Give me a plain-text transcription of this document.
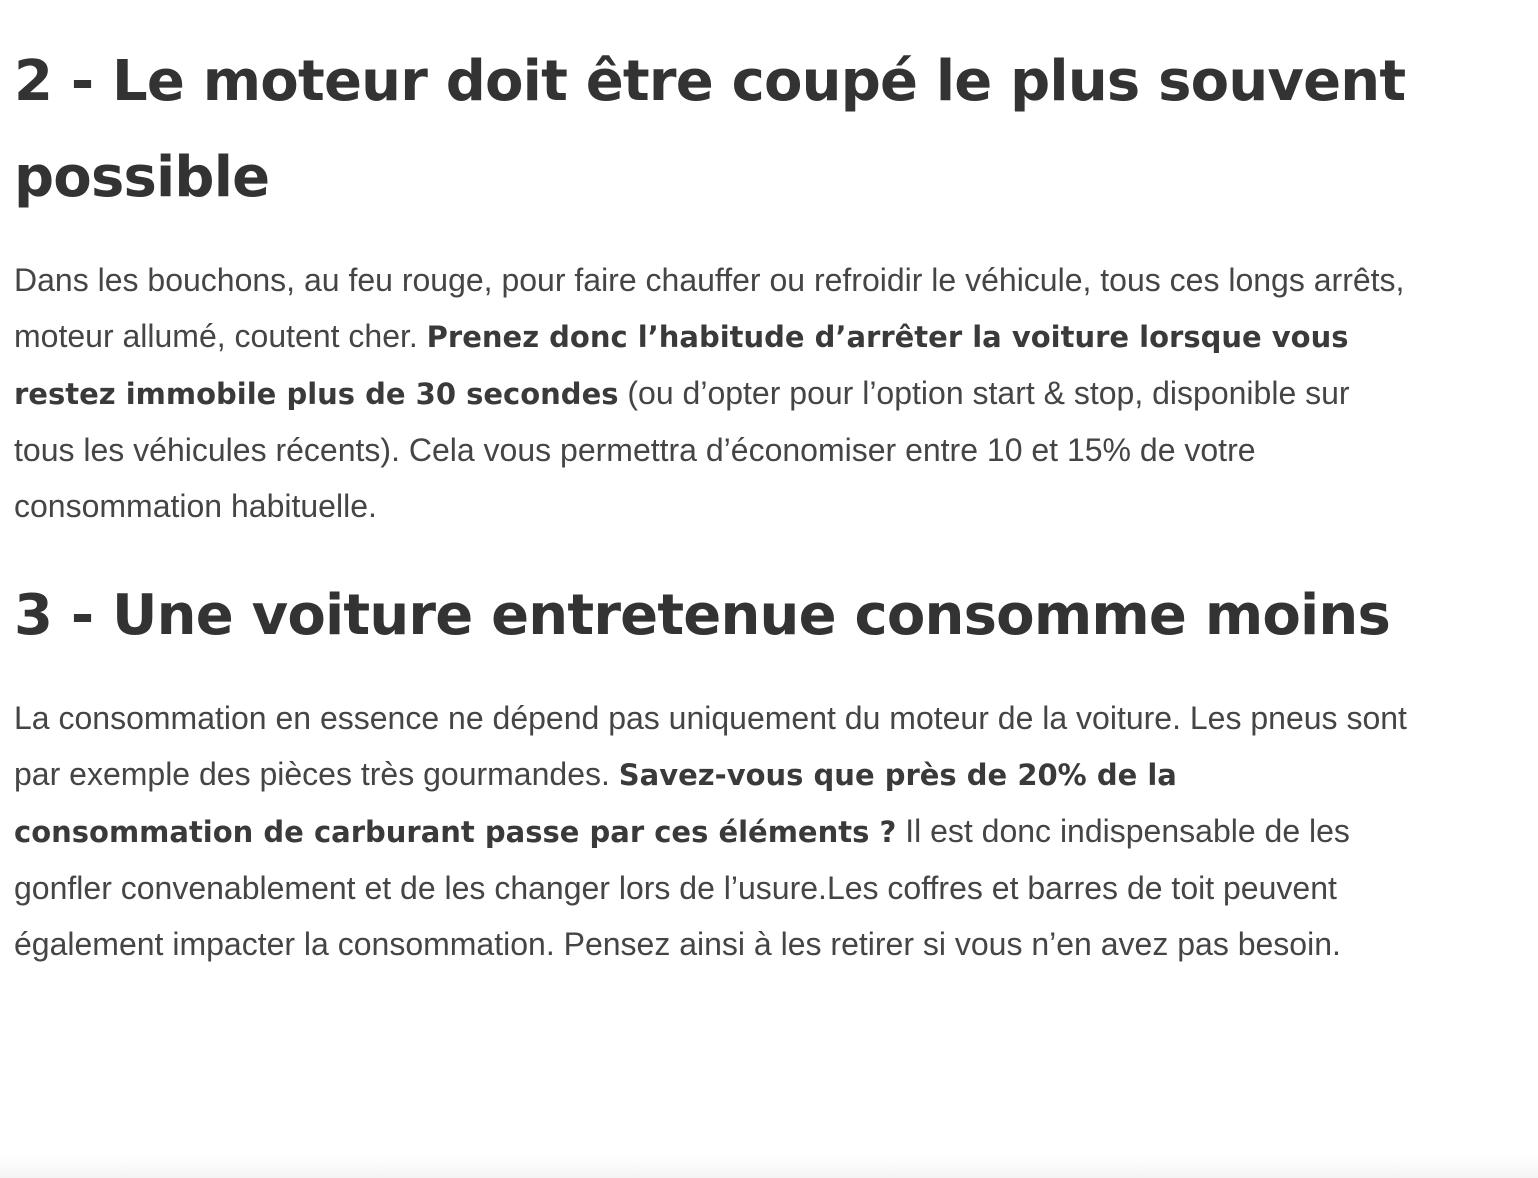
2 - Le moteur doit être coupé le plus souvent possible

Dans les bouchons, au feu rouge, pour faire chauffer ou refroidir le véhicule, tous ces longs arrêts, moteur allumé, coutent cher. Prenez donc l’habitude d’arrêter la voiture lorsque vous restez immobile plus de 30 secondes (ou d’opter pour l’option start & stop, disponible sur tous les véhicules récents). Cela vous permettra d’économiser entre 10 et 15% de votre consommation habituelle.

3 - Une voiture entretenue consomme moins

La consommation en essence ne dépend pas uniquement du moteur de la voiture. Les pneus sont par exemple des pièces très gourmandes. Savez-vous que près de 20% de la consommation de carburant passe par ces éléments ? Il est donc indispensable de les gonfler convenablement et de les changer lors de l’usure.Les coffres et barres de toit peuvent également impacter la consommation. Pensez ainsi à les retirer si vous n’en avez pas besoin.
